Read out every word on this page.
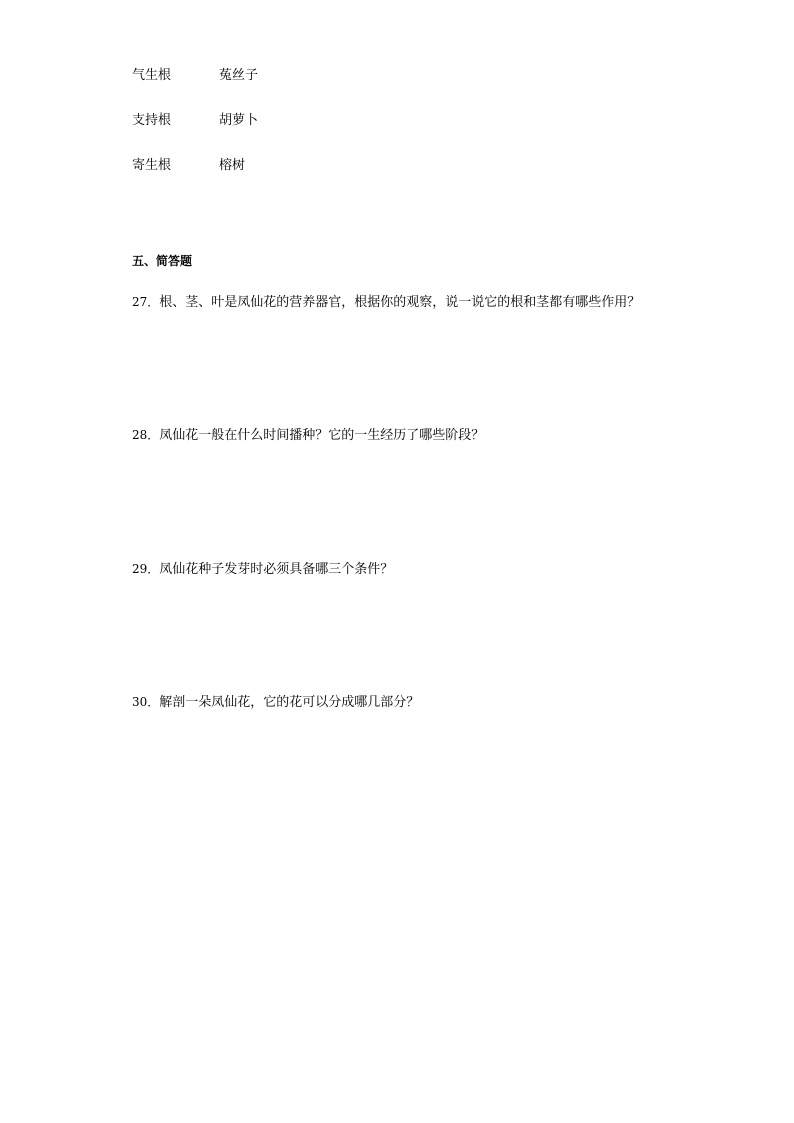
气生根	菟丝子
支持根	胡萝卜
寄生根	榕树
五、简答题
27．根、茎、叶是凤仙花的营养器官，根据你的观察，说一说它的根和茎都有哪些作用？
28．凤仙花一般在什么时间播种？它的一生经历了哪些阶段？
29．凤仙花种子发芽时必须具备哪三个条件？
30．解剖一朵凤仙花，它的花可以分成哪几部分？
